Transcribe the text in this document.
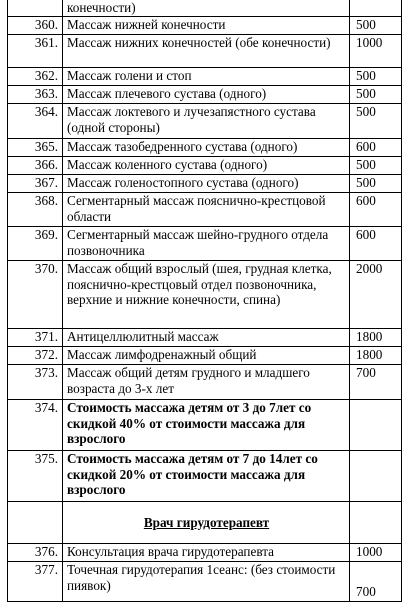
	конечности)	
360.	Массаж нижней конечности	500
361.	Массаж нижних конечностей (обе конечности)	1000
362.	Массаж голени и стоп	500
363.	Массаж плечевого сустава (одного)	500
364.	Массаж локтевого и лучезапястного сустава (одной стороны)	500
365.	Массаж тазобедренного сустава (одного)	600
366.	Массаж коленного сустава (одного)	500
367.	Массаж голеностопного сустава (одного)	500
368.	Сегментарный массаж пояснично-крестцовой области	600
369.	Сегментарный массаж шейно-грудного отдела позвоночника	600
370.	Массаж общий взрослый (шея, грудная клетка, пояснично-крестцовый отдел позвоночника, верхние и нижние конечности, спина)	2000
371.	Антицеллюлитный массаж	1800
372.	Массаж лимфодренажный общий	1800
373.	Массаж общий детям грудного и младшего возраста до 3-х лет	700
374.	Стоимость массажа детям от 3 до 7лет со скидкой 40% от стоимости массажа для взрослого	
375.	Стоимость массажа детям от 7 до 14лет со скидкой 20% от стоимости массажа для взрослого	
	Врач гирудотерапевт	
376.	Консультация врача гирудотерапевта	1000
377.	Точечная гирудотерапия 1сеанс: (без стоимости пиявок)	700
